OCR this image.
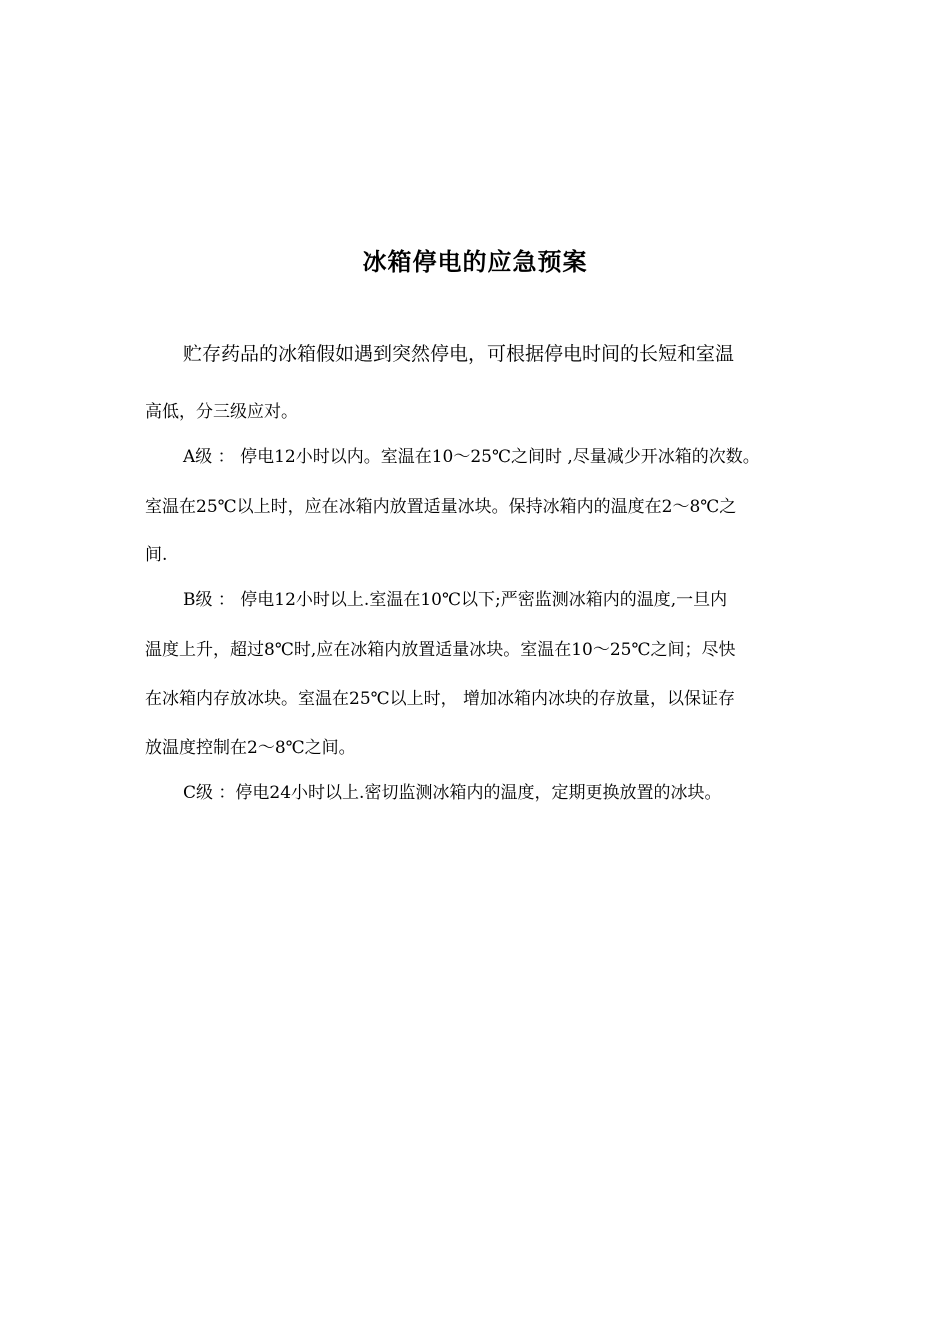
冰箱停电的应急预案
贮存药品的冰箱假如遇到突然停电，可根据停电时间的长短和室温
高低，分三级应对。
A级 ： 停电12小时以内。室温在10～25℃之间时 ,尽量减少开冰箱的次数。
室温在25℃以上时，应在冰箱内放置适量冰块。保持冰箱内的温度在2～8℃之
间.
B级 ： 停电12小时以上.室温在10℃以下;严密监测冰箱内的温度,一旦内
温度上升，超过8℃时,应在冰箱内放置适量冰块。室温在10～25℃之间；尽快
在冰箱内存放冰块。室温在25℃以上时， 增加冰箱内冰块的存放量，以保证存
放温度控制在2～8℃之间。
C级 ：停电24小时以上.密切监测冰箱内的温度，定期更换放置的冰块。
